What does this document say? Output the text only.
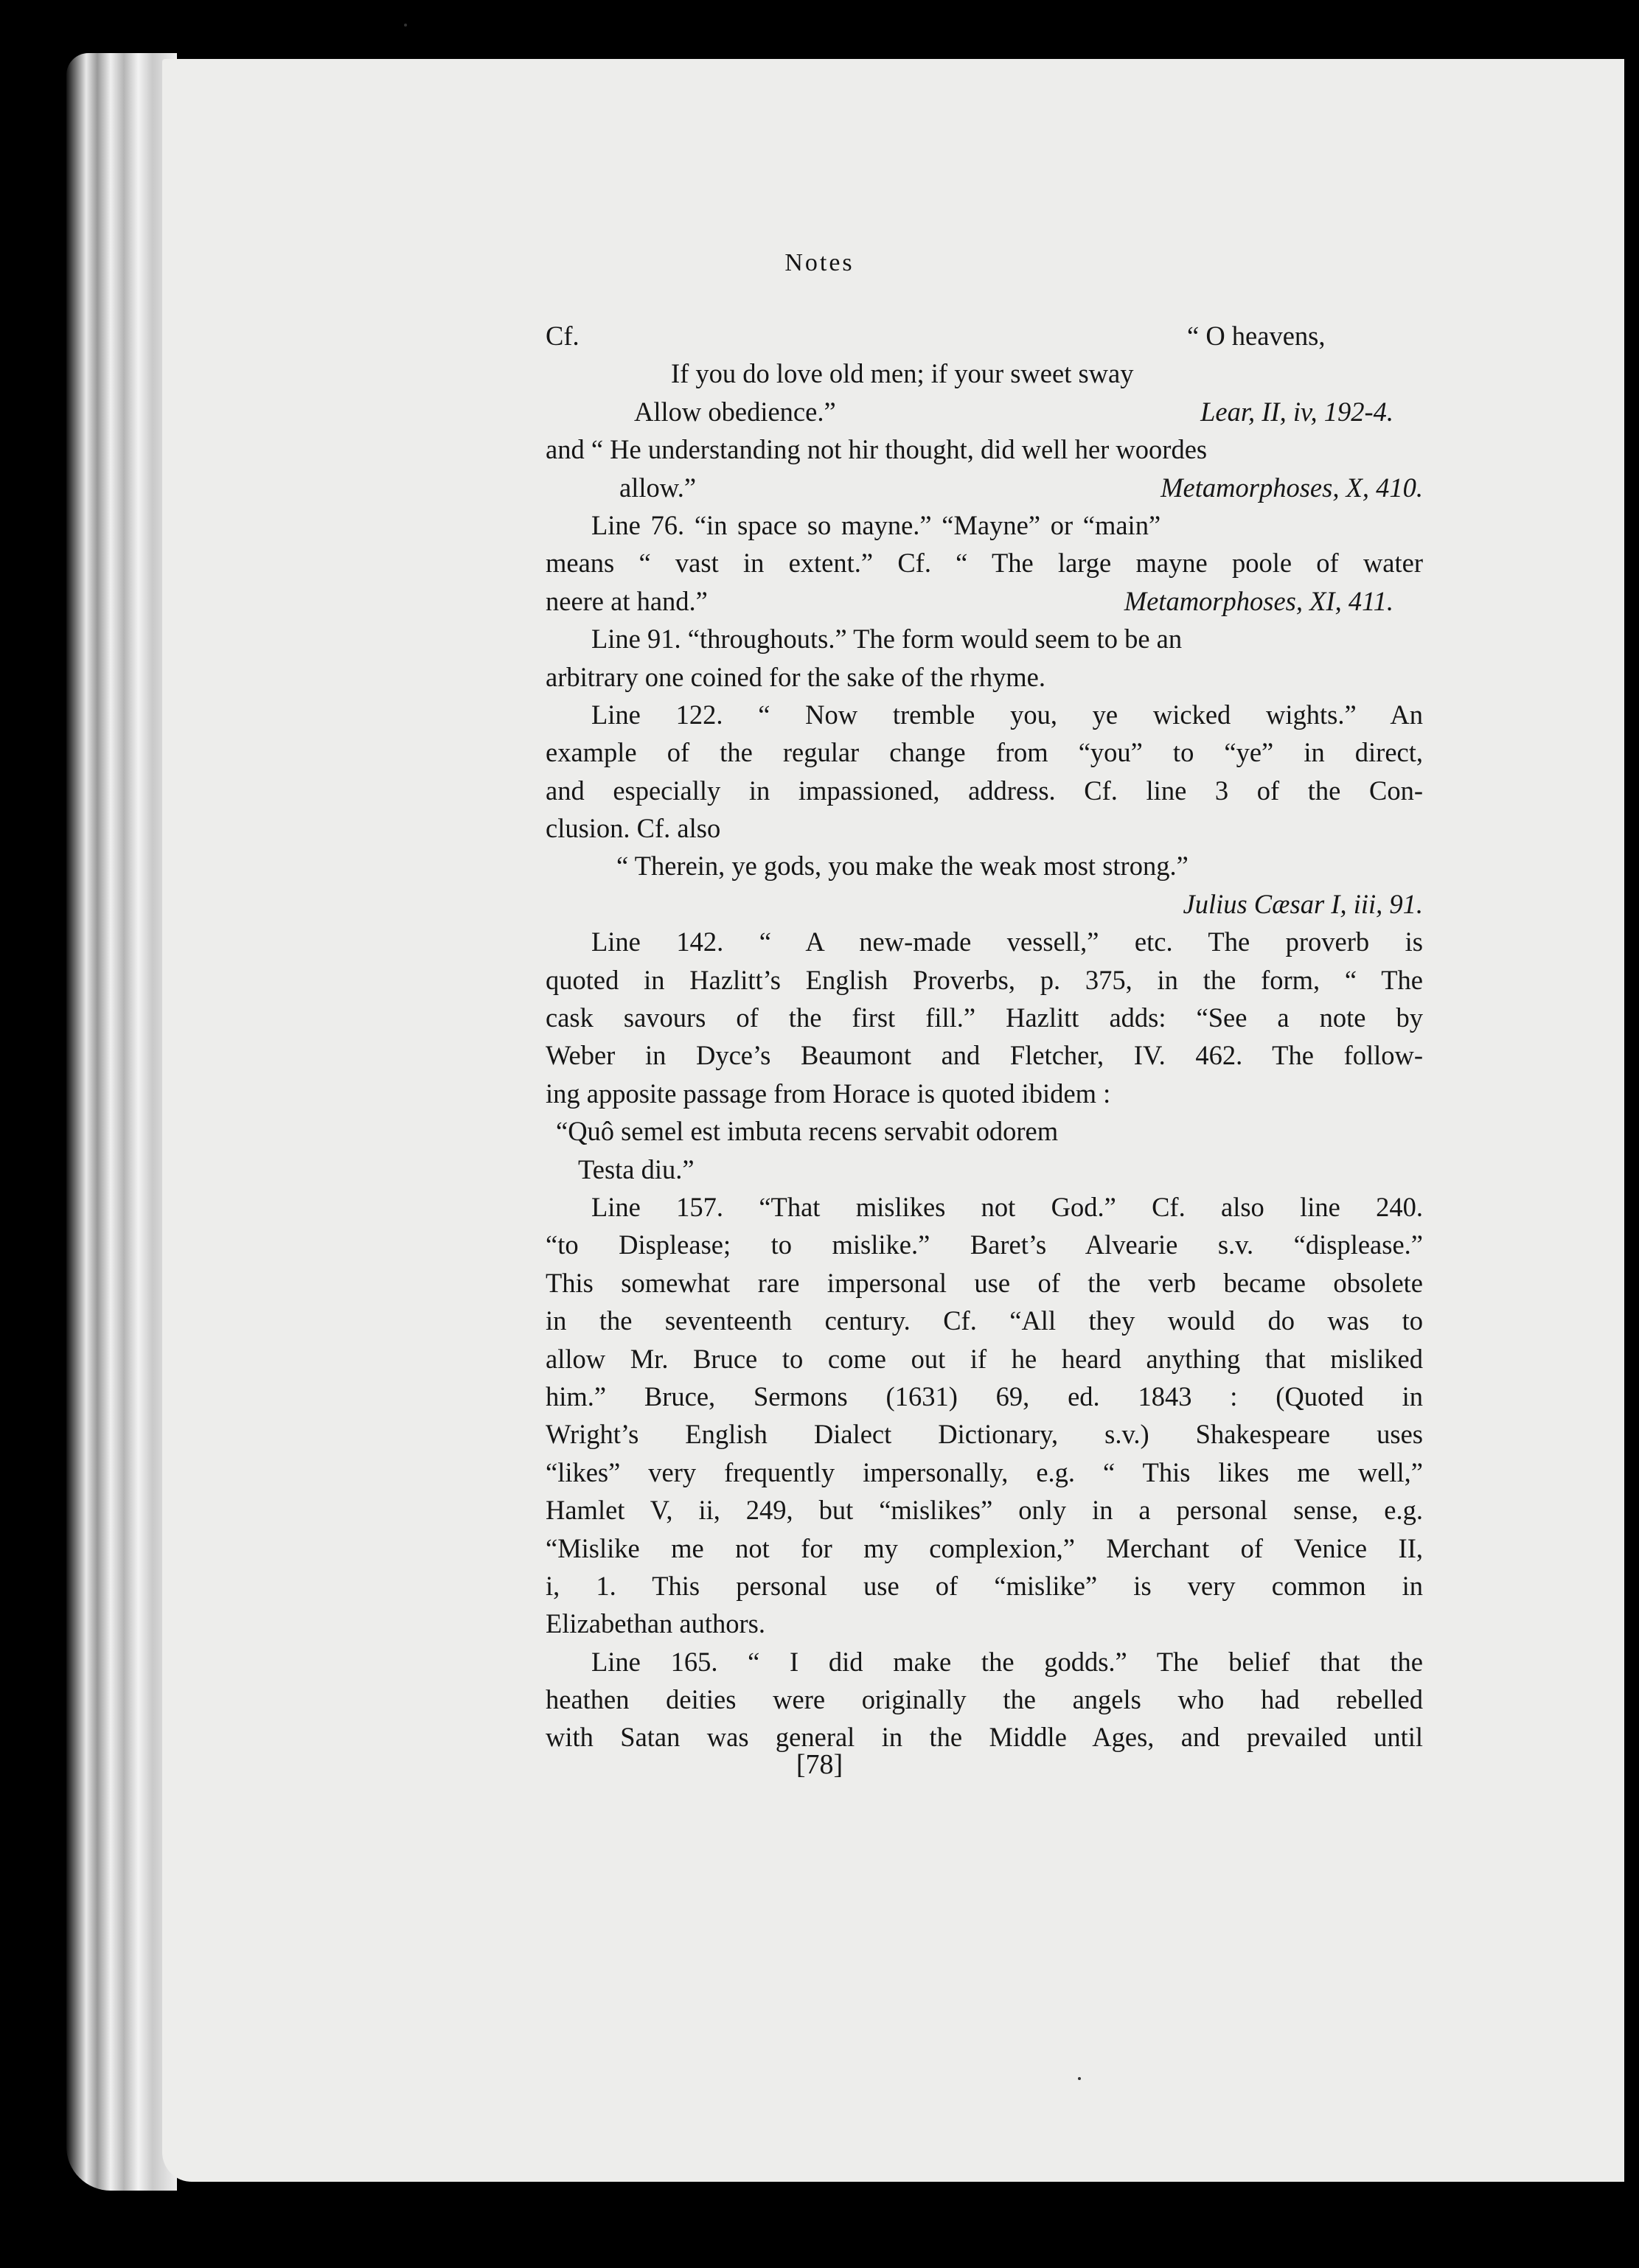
Notes
Cf.	“ O heavens,
If you do love old men; if your sweet sway
Allow obedience.”	Lear, II, iv, 192-4.
and “ He understanding not hir thought, did well her woordes
allow.”	Metamorphoses, X, 410.
Line 76. “in space so mayne.” “Mayne” or “main”
means “ vast in extent.” Cf. “ The large mayne poole of water
neere at hand.”	Metamorphoses, XI, 411.
Line 91. “throughouts.” The form would seem to be an
arbitrary one coined for the sake of the rhyme.
Line 122. “ Now tremble you, ye wicked wights.” An
example of the regular change from “you” to “ye” in direct,
and especially in impassioned, address. Cf. line 3 of the Con-
clusion. Cf. also
“ Therein, ye gods, you make the weak most strong.”
Julius Cæsar I, iii, 91.
Line 142. “ A new-made vessell,” etc. The proverb is
quoted in Hazlitt’s English Proverbs, p. 375, in the form, “ The
cask savours of the first fill.” Hazlitt adds: “See a note by
Weber in Dyce’s Beaumont and Fletcher, IV. 462. The follow-
ing apposite passage from Horace is quoted ibidem :
“Quô semel est imbuta recens servabit odorem
Testa diu.”
Line 157. “That mislikes not God.” Cf. also line 240.
“to Displease; to mislike.” Baret’s Alvearie s.v. “displease.”
This somewhat rare impersonal use of the verb became obsolete
in the seventeenth century. Cf. “All they would do was to
allow Mr. Bruce to come out if he heard anything that misliked
him.” Bruce, Sermons (1631) 69, ed. 1843 : (Quoted in
Wright’s English Dialect Dictionary, s.v.) Shakespeare uses
“likes” very frequently impersonally, e.g. “ This likes me well,”
Hamlet V, ii, 249, but “mislikes” only in a personal sense, e.g.
“Mislike me not for my complexion,” Merchant of Venice II,
i, 1. This personal use of “mislike” is very common in
Elizabethan authors.
Line 165. “ I did make the godds.” The belief that the
heathen deities were originally the angels who had rebelled
with Satan was general in the Middle Ages, and prevailed until
[78]
